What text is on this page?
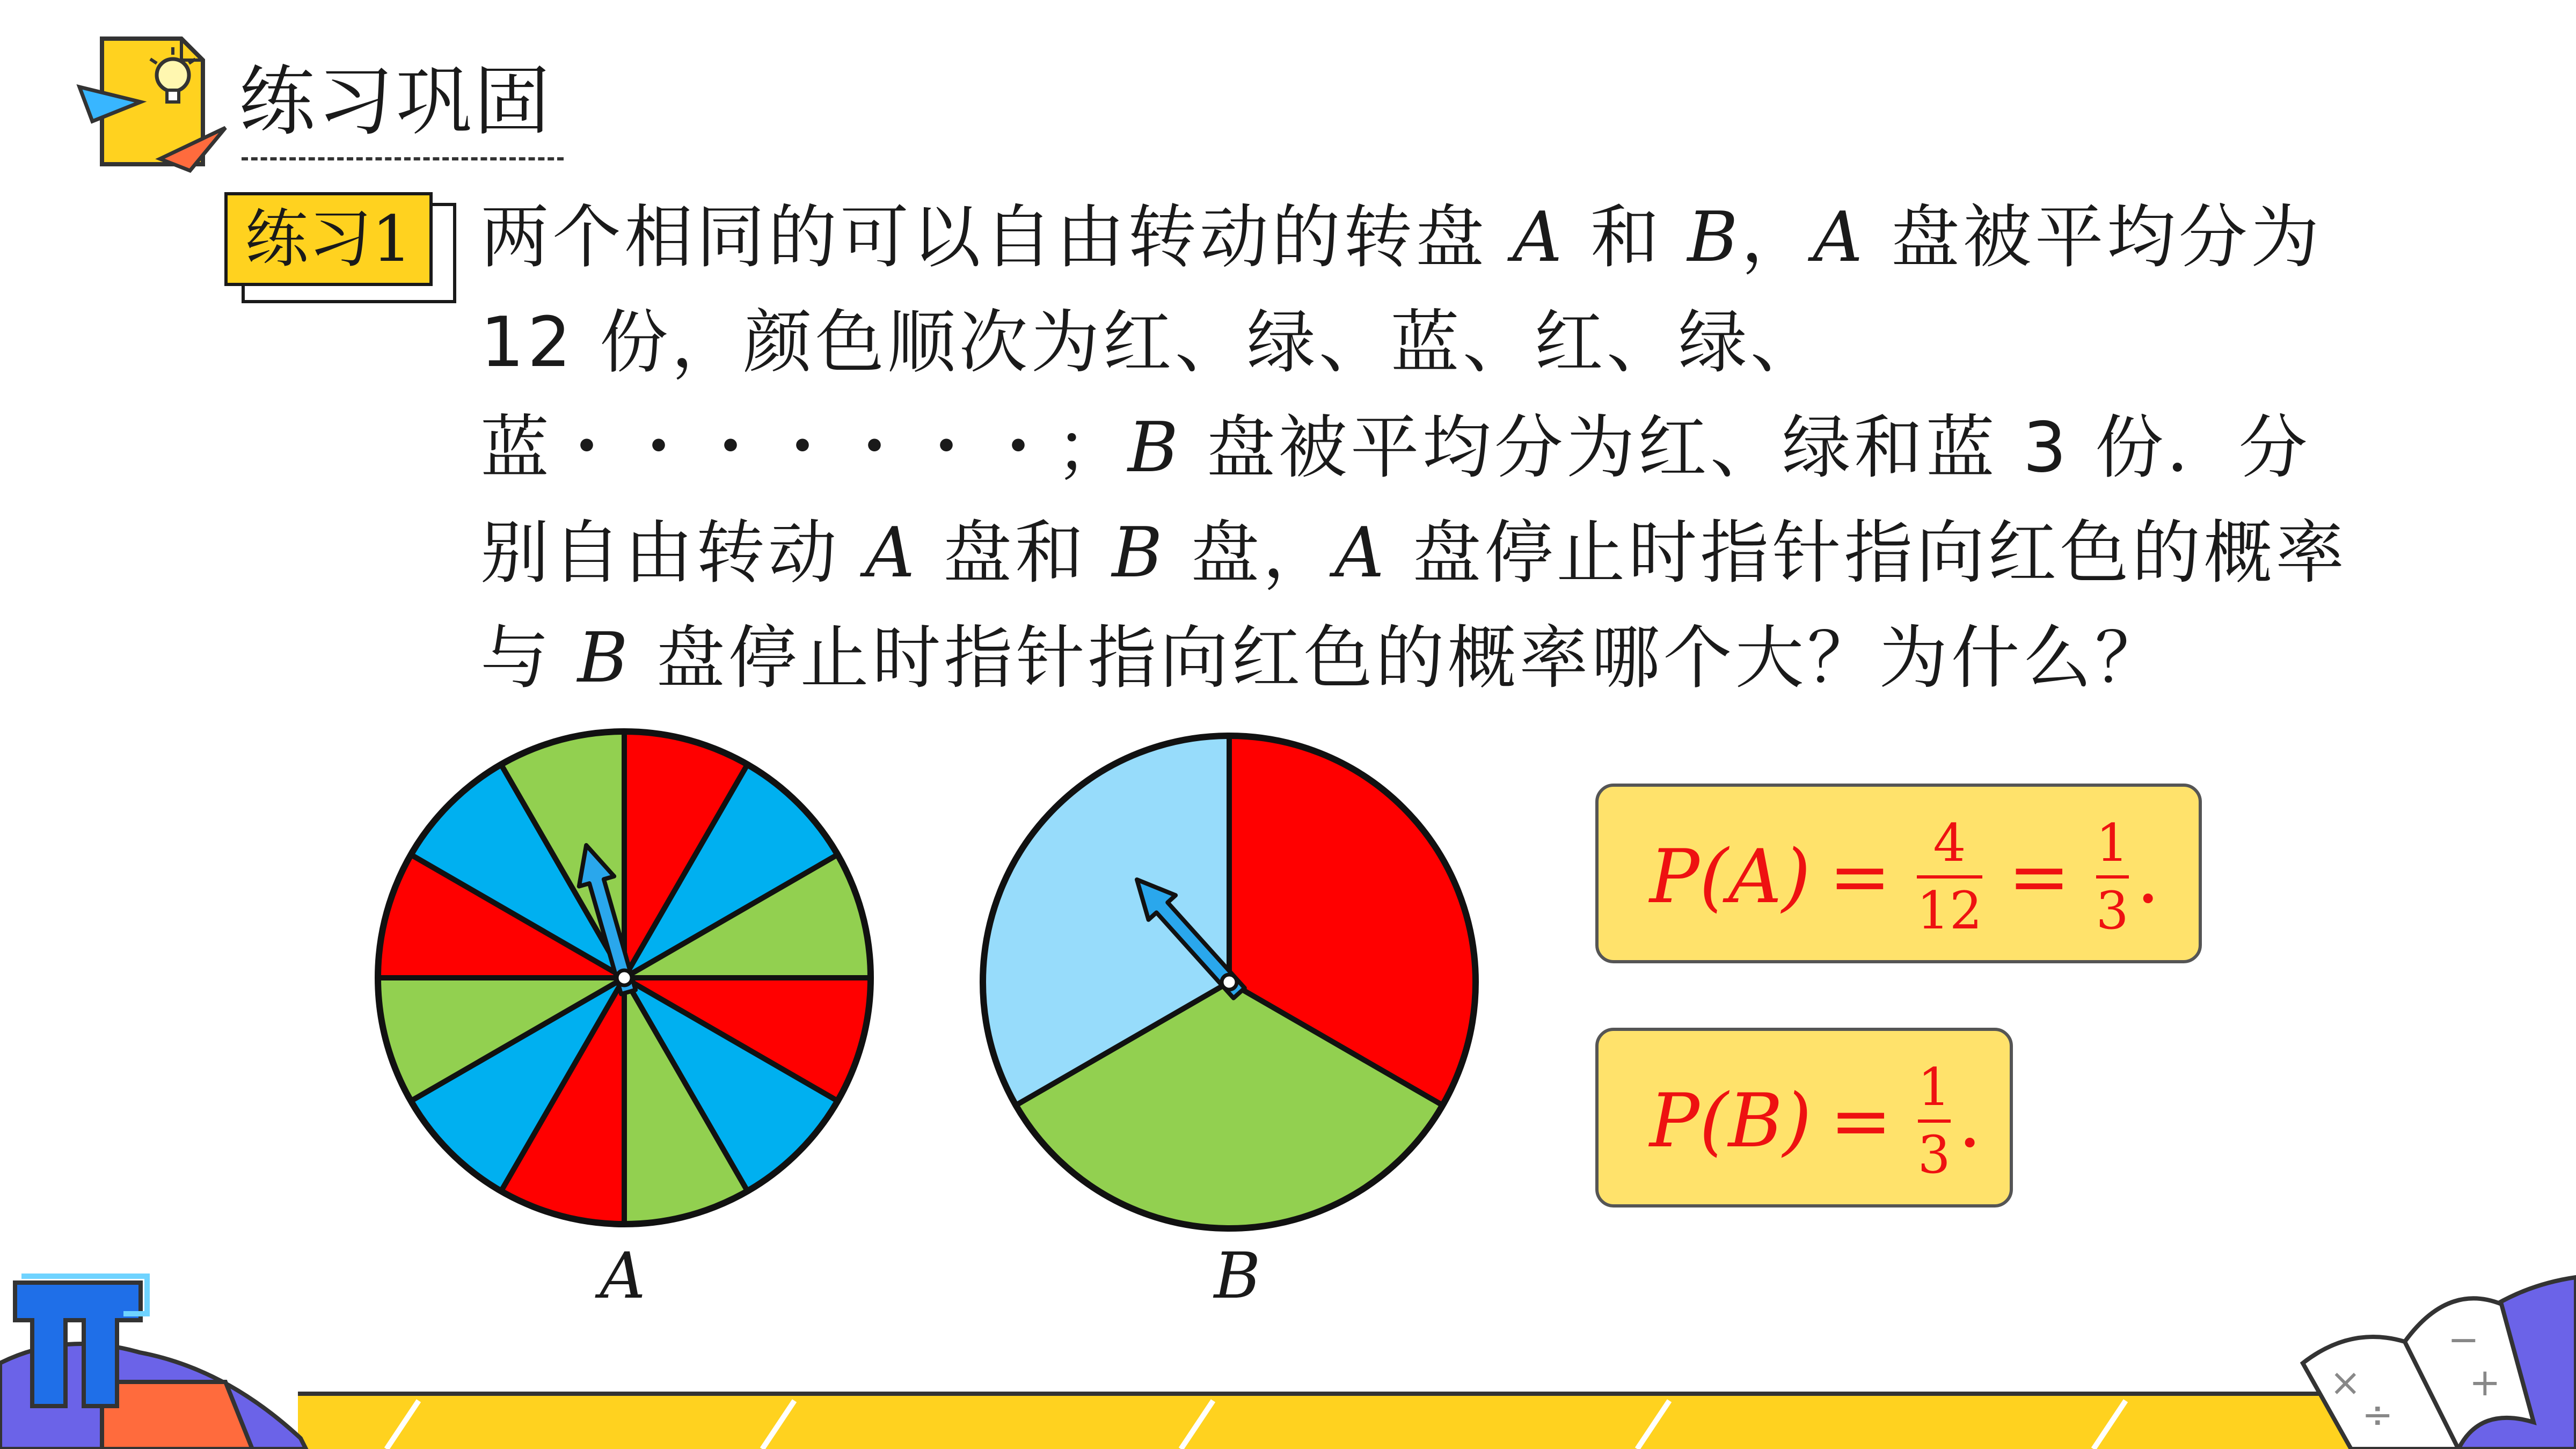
×
÷
−
+
练习巩固
练习1 两个相同的可以自由转动的转盘 A 和 B，A 盘被平均分为 12 份，颜色顺次为红、绿、蓝、红、绿、蓝・・・・・・・；B 盘被平均分为红、绿和蓝 3 份．分别自由转动 A 盘和 B 盘，A 盘停止时指针指向红色的概率与 B 盘停止时指针指向红色的概率哪个大？为什么？

A	B
P(A) = 4
12 = 1
3 .
P(B) = 1
3 .
